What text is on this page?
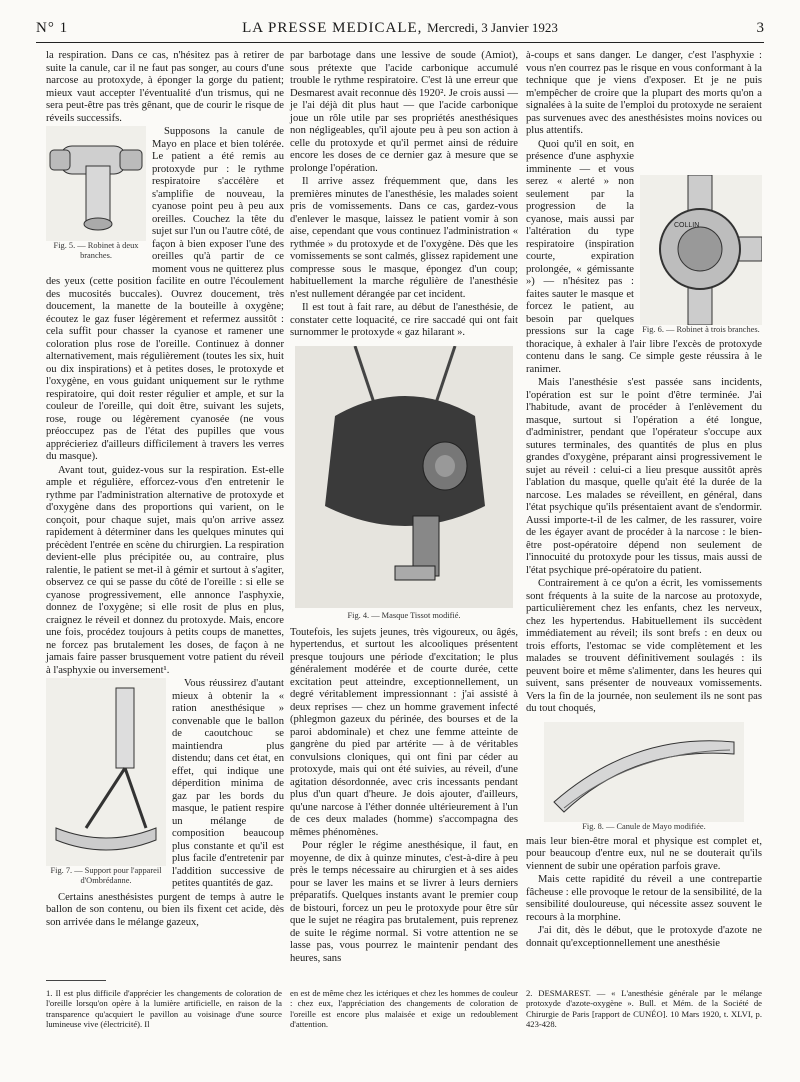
N° 1	LA PRESSE MEDICALE, Mercredi, 3 Janvier 1923	3

la respiration. Dans ce cas, n'hésitez pas à retirer de suite la canule, car il ne faut pas songer, au cours d'une narcose au protoxyde, à éponger la gorge du patient; mieux vaut accepter l'éventualité d'un trismus, qui ne sera peut-être pas très gênant, que de courir le risque de réveils successifs.

Fig. 5. — Robinet à deux branches.

Supposons la canule de Mayo en place et bien tolérée. Le patient a été remis au protoxyde pur : le rythme respiratoire s'accélère et s'amplifie de nouveau, la cyanose point peu à peu aux oreilles. Couchez la tête du sujet sur l'un ou l'autre côté, de façon à bien exposer l'une des oreilles qu'à partir de ce moment vous ne quitterez plus des yeux (cette position facilite en outre l'écoulement des mucosités buccales). Ouvrez doucement, très doucement, la manette de la bouteille à oxygène; écoutez le gaz fuser légèrement et refermez aussitôt : cela suffit pour chasser la cyanose et ramener une coloration plus rose de l'oreille. Continuez à donner alternativement, mais régulièrement (toutes les six, huit ou dix inspirations) et à petites doses, le protoxyde et l'oxygène, en vous guidant uniquement sur le rythme respiratoire, qui doit rester régulier et ample, et sur la couleur de l'oreille, qui doit être, suivant les sujets, rose, rouge ou légèrement cyanosée (ne vous préoccupez pas de l'état des pupilles que vous apprécieriez d'ailleurs difficilement à travers les verres du masque).

Avant tout, guidez-vous sur la respiration. Est-elle ample et régulière, efforcez-vous d'en entretenir le rythme par l'administration alternative de protoxyde et d'oxygène dans des proportions qui varient, on le conçoit, pour chaque sujet, mais qu'on arrive assez rapidement à déterminer dans les quelques minutes qui précèdent l'entrée en scène du chirurgien. La respiration devient-elle plus précipitée ou, au contraire, plus ralentie, le patient se met-il à gémir et surtout à s'agiter, observez ce qui se passe du côté de l'oreille : si elle se cyanose progressivement, elle annonce l'asphyxie, donnez de l'oxygène; si elle rosit de plus en plus, craignez le réveil et donnez du protoxyde. Mais, encore une fois, procédez toujours à petits coups de manettes, ne forcez pas brutalement les doses, de façon à ne jamais faire passer brusquement votre patient du réveil à l'asphyxie ou inversement¹.

Fig. 7. — Support pour l'appareil d'Ombrédanne.

Vous réussirez d'autant mieux à obtenir la « ration anesthésique » convenable que le ballon de caoutchouc se maintiendra plus distendu; dans cet état, en effet, qui indique une déperdition minima de gaz par les bords du masque, le patient respire un mélange de composition beaucoup plus constante et qu'il est plus facile d'entretenir par l'addition successive de petites quantités de gaz.

Certains anesthésistes purgent de temps à autre le ballon de son contenu, ou bien ils fixent cet acide, dès son arrivée dans le mélange gazeux,

par barbotage dans une lessive de soude (Amiot), sous prétexte que l'acide carbonique accumulé trouble le rythme respiratoire. C'est là une erreur que Desmarest avait reconnue dès 1920². Je crois aussi — je l'ai déjà dit plus haut — que l'acide carbonique joue un rôle utile par ses propriétés anesthésiques non négligeables, qu'il ajoute peu à peu son action à celle du protoxyde et qu'il permet ainsi de réduire encore les doses de ce dernier gaz à mesure que se prolonge l'opération.

Il arrive assez fréquemment que, dans les premières minutes de l'anesthésie, les malades soient pris de vomissements. Dans ce cas, gardez-vous d'enlever le masque, laissez le patient vomir à son aise, cependant que vous continuez l'administration « rythmée » du protoxyde et de l'oxygène. Dès que les vomissements se sont calmés, glissez rapidement une compresse sous le masque, épongez d'un coup; habituellement la marche régulière de l'anesthésie n'est nullement dérangée par cet incident.

Il est tout à fait rare, au début de l'anesthésie, de constater cette loquacité, ce rire saccadé qui ont fait surnommer le protoxyde « gaz hilarant ».

Fig. 4. — Masque Tissot modifié.

Toutefois, les sujets jeunes, très vigoureux, ou âgés, hypertendus, et surtout les alcooliques présentent presque toujours une période d'excitation; le plus généralement modérée et de courte durée, cette excitation peut atteindre, exceptionnellement, un degré véritablement impressionnant : j'ai assisté à deux reprises — chez un homme gravement infecté (phlegmon gazeux du périnée, des bourses et de la paroi abdominale) et chez une femme atteinte de gangrène du pied par artérite — à de véritables convulsions cloniques, qui ont fini par céder au protoxyde, mais qui ont été suivies, au réveil, d'une agitation désordonnée, avec cris incessants pendant plus d'un quart d'heure. Je dois ajouter, d'ailleurs, qu'une narcose à l'éther donnée ultérieurement à l'un de ces deux malades (homme) s'accompagna des mêmes phénomènes.

Pour régler le régime anesthésique, il faut, en moyenne, de dix à quinze minutes, c'est-à-dire à peu près le temps nécessaire au chirurgien et à ses aides pour se laver les mains et se livrer à leurs derniers préparatifs. Quelques instants avant le premier coup de bistouri, forcez un peu le protoxyde pour être sûr que le sujet ne réagira pas brutalement, puis reprenez de suite le régime normal. Si votre attention ne se lasse pas, vous pourrez le maintenir pendant des heures, sans

à-coups et sans danger. Le danger, c'est l'asphyxie : vous n'en courrez pas le risque en vous conformant à la technique que je viens d'exposer. Et je ne puis m'empêcher de croire que la plupart des morts qu'on a signalées à la suite de l'emploi du protoxyde ne seraient pas survenues avec des anesthésistes moins novices ou plus attentifs.

COLLIN
Fig. 6. — Robinet à trois branches.

Quoi qu'il en soit, en présence d'une asphyxie imminente — et vous serez « alerté » non seulement par la progression de la cyanose, mais aussi par l'altération du type respiratoire (inspiration courte, expiration prolongée, « gémissante ») — n'hésitez pas : faites sauter le masque et forcez le patient, au besoin par quelques pressions sur la cage thoracique, à exhaler à l'air libre l'excès de protoxyde contenu dans le sang. Ce simple geste réussira à le ranimer.

Mais l'anesthésie s'est passée sans incidents, l'opération est sur le point d'être terminée. J'ai l'habitude, avant de procéder à l'enlèvement du masque, surtout si l'opération a été longue, d'administrer, pendant que l'opérateur s'occupe aux sutures terminales, des quantités de plus en plus grandes d'oxygène, préparant ainsi progressivement le sujet au réveil : celui-ci a lieu presque aussitôt après l'ablation du masque, quelle qu'ait été la durée de la narcose. Les malades se réveillent, en général, dans l'état psychique qu'ils présentaient avant de s'endormir. Aussi importe-t-il de les calmer, de les rassurer, voire de les égayer avant de procéder à la narcose : le bien-être post-opératoire dépend non seulement de l'innocuité du protoxyde pour les tissus, mais aussi de l'état psychique pré-opératoire du patient.

Contrairement à ce qu'on a écrit, les vomissements sont fréquents à la suite de la narcose au protoxyde, particulièrement chez les enfants, chez les nerveux, chez les hypertendus. Habituellement ils succèdent immédiatement au réveil; ils sont brefs : en deux ou trois efforts, l'estomac se vide complètement et les malades se trouvent définitivement soulagés : ils peuvent boire et même s'alimenter, dans les heures qui suivent, sans présenter de nouveaux vomissements. Vers la fin de la journée, non seulement ils ne sont pas du tout choqués,

Fig. 8. — Canule de Mayo modifiée.

mais leur bien-être moral et physique est complet et, pour beaucoup d'entre eux, nul ne se douterait qu'ils viennent de subir une opération parfois grave.

Mais cette rapidité du réveil a une contrepartie fâcheuse : elle provoque le retour de la sensibilité, de la sensibilité douloureuse, qui nécessite assez souvent le recours à la morphine.

J'ai dit, dès le début, que le protoxyde d'azote ne donnait qu'exceptionnellement une anesthésie

1. Il est plus difficile d'apprécier les changements de coloration de l'oreille lorsqu'on opère à la lumière artificielle, en raison de la transparence qu'acquiert le pavillon au voisinage d'une source lumineuse vive (électricité). Il
en est de même chez les ictériques et chez les hommes de couleur : chez eux, l'appréciation des changements de coloration de l'oreille est encore plus malaisée et exige un redoublement d'attention.
2. DESMAREST. — « L'anesthésie générale par le mélange protoxyde d'azote-oxygène ». Bull. et Mém. de la Société de Chirurgie de Paris [rapport de CUNÉO]. 10 Mars 1920, t. XLVI, p. 423-428.
